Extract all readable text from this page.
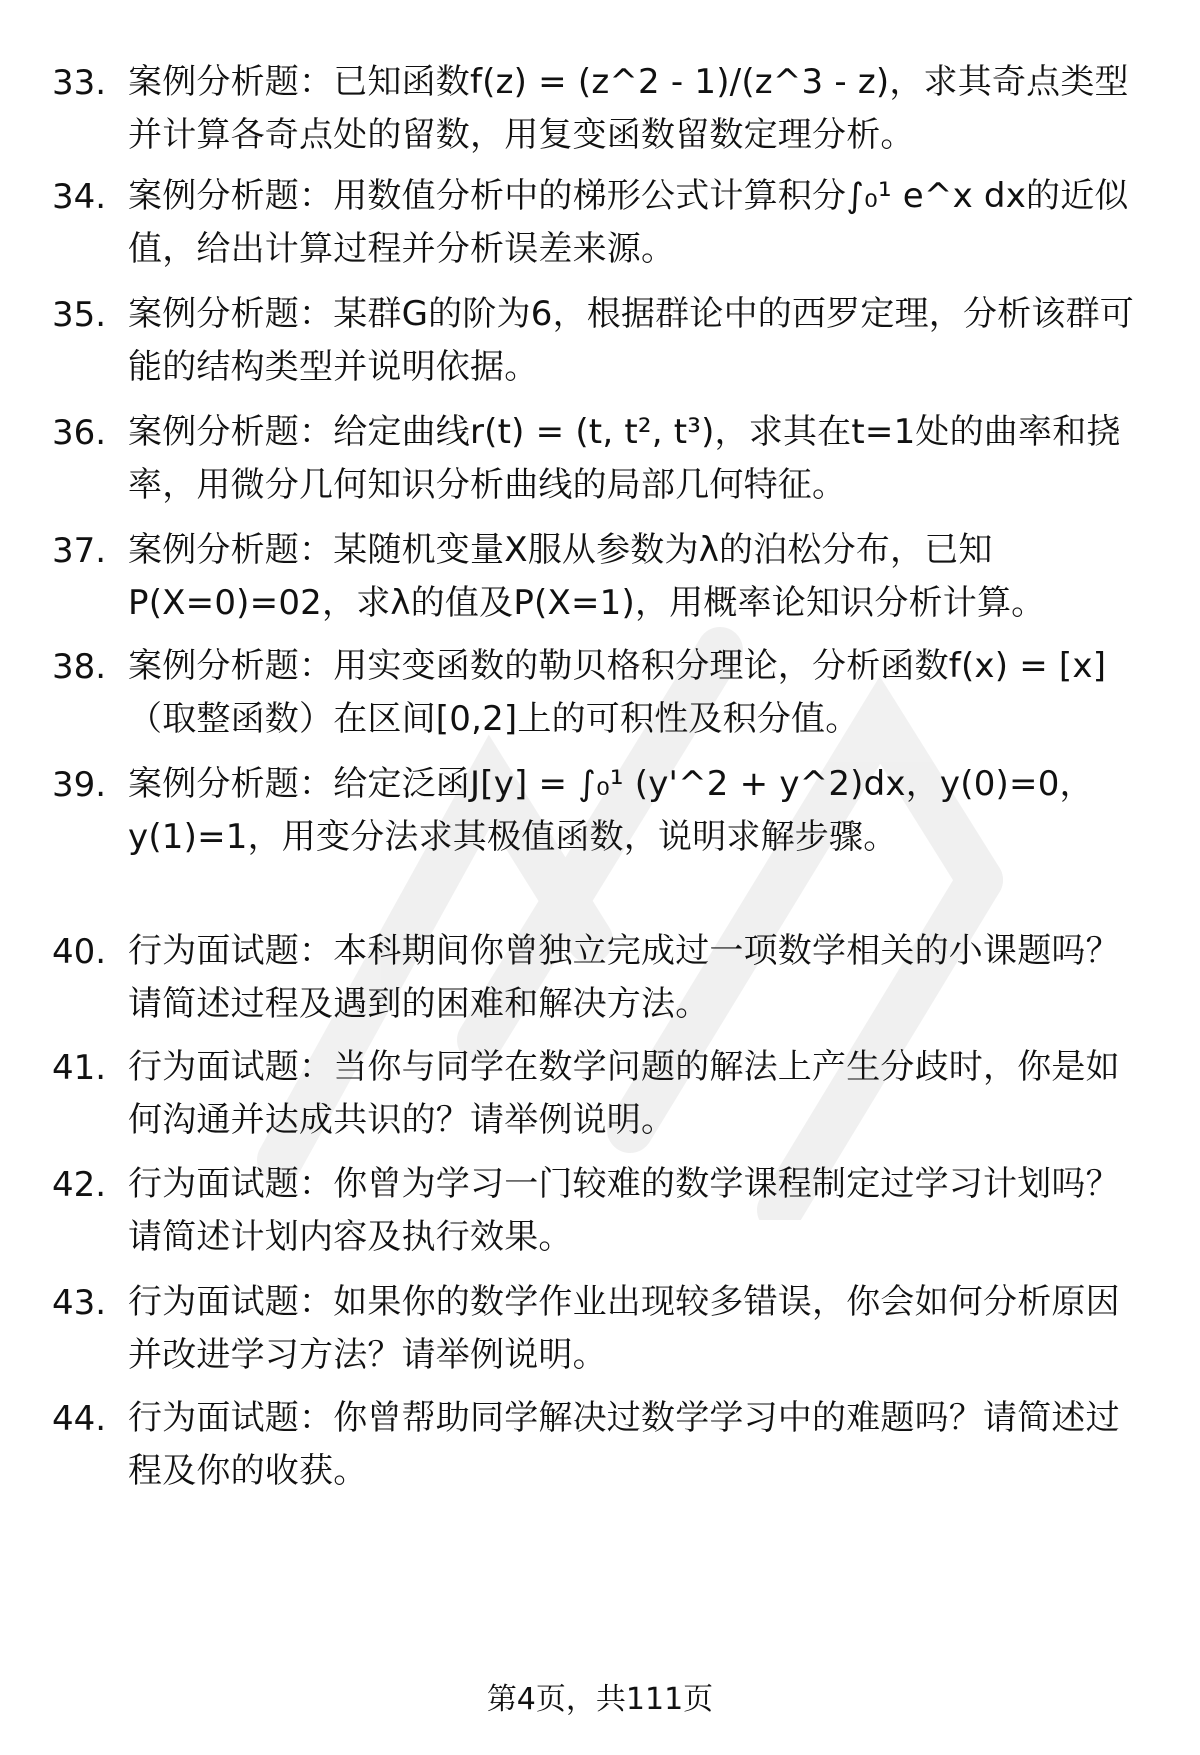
33. 案例分析题：已知函数f(z) = (z^2 - 1)/(z^3 - z)，求其奇点类型并计算各奇点处的留数，用复变函数留数定理分析。
34. 案例分析题：用数值分析中的梯形公式计算积分∫₀¹ e^x dx的近似值，给出计算过程并分析误差来源。
35. 案例分析题：某群G的阶为6，根据群论中的西罗定理，分析该群可能的结构类型并说明依据。
36. 案例分析题：给定曲线r(t) = (t, t², t³)，求其在t=1处的曲率和挠率，用微分几何知识分析曲线的局部几何特征。
37. 案例分析题：某随机变量X服从参数为λ的泊松分布，已知P(X=0)=02，求λ的值及P(X=1)，用概率论知识分析计算。
38. 案例分析题：用实变函数的勒贝格积分理论，分析函数f(x) = [x]（取整函数）在区间[0,2]上的可积性及积分值。
39. 案例分析题：给定泛函J[y] = ∫₀¹ (y'^2 + y^2)dx，y(0)=0，y(1)=1，用变分法求其极值函数，说明求解步骤。
40. 行为面试题：本科期间你曾独立完成过一项数学相关的小课题吗？请简述过程及遇到的困难和解决方法。
41. 行为面试题：当你与同学在数学问题的解法上产生分歧时，你是如何沟通并达成共识的？请举例说明。
42. 行为面试题：你曾为学习一门较难的数学课程制定过学习计划吗？请简述计划内容及执行效果。
43. 行为面试题：如果你的数学作业出现较多错误，你会如何分析原因并改进学习方法？请举例说明。
44. 行为面试题：你曾帮助同学解决过数学学习中的难题吗？请简述过程及你的收获。
第4页，共111页
